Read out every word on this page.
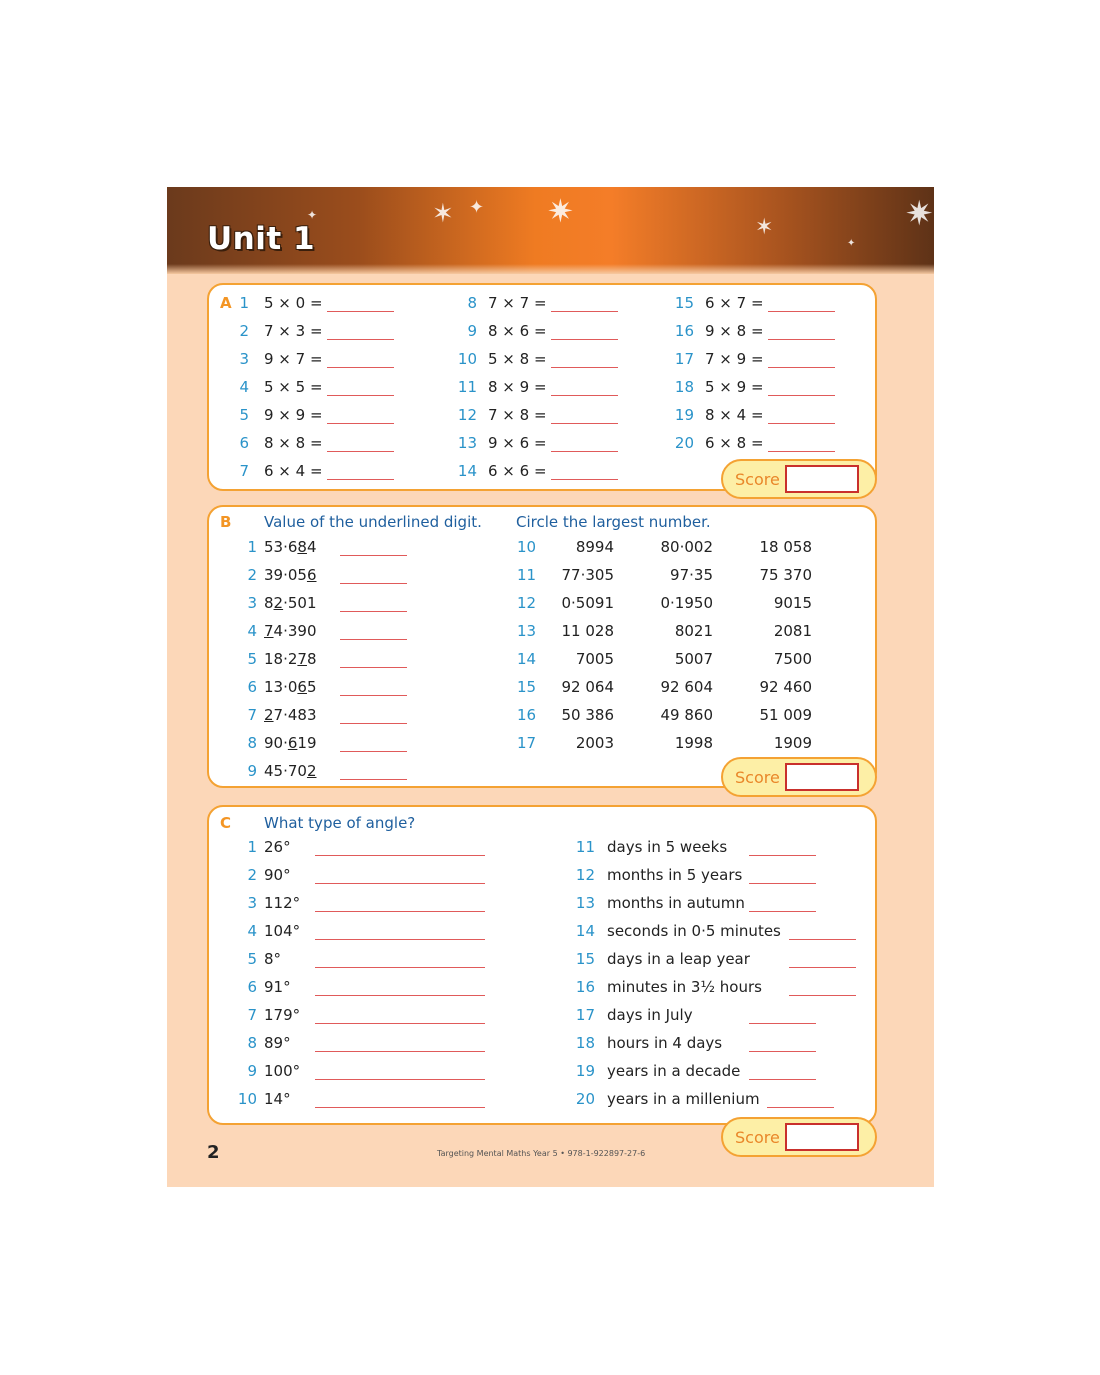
✶ ✦ ✷	✶	✷
✦
✦
Unit 1
Score
Score
Score
2	Targeting Mental Maths Year 5 • 978-1-922897-27-6
A 1 5 × 0 =
2 7 × 3 =
3 9 × 7 =
4 5 × 5 =
5 9 × 9 =
6 8 × 8 =
7 6 × 4 =
8 7 × 7 =
9 8 × 6 =
10 5 × 8 =
11 8 × 9 =
12 7 × 8 =
13 9 × 6 =
14 6 × 6 =
15 6 × 7 =
16 9 × 8 =
17 7 × 9 =
18 5 × 9 =
19 8 × 4 =
20 6 × 8 =
B Value of the underlined digit. Circle the largest number.
1 53·684
2 39·056
3 82·501
4 74·390
5 18·278
6 13·065
7 27·483
8 90·619
9 45·702
10	8994	80·002	18 058
11 77·305	97·35	75 370
12 0·5091	0·1950	9015
13 11 028	8021	2081
14	7005	5007	7500
15 92 064	92 604	92 460
16 50 386	49 860	51 009
17	2003	1998	1909
C What type of angle?
1 26°
2 90°
3 112°
4 104°
5 8°
6 91°
7 179°
8 89°
9 100°
10 14°
11 days in 5 weeks
12 months in 5 years
13 months in autumn
14 seconds in 0·5 minutes
15 days in a leap year
16 minutes in 3½ hours
17 days in July
18 hours in 4 days
19 years in a decade
20 years in a millenium
